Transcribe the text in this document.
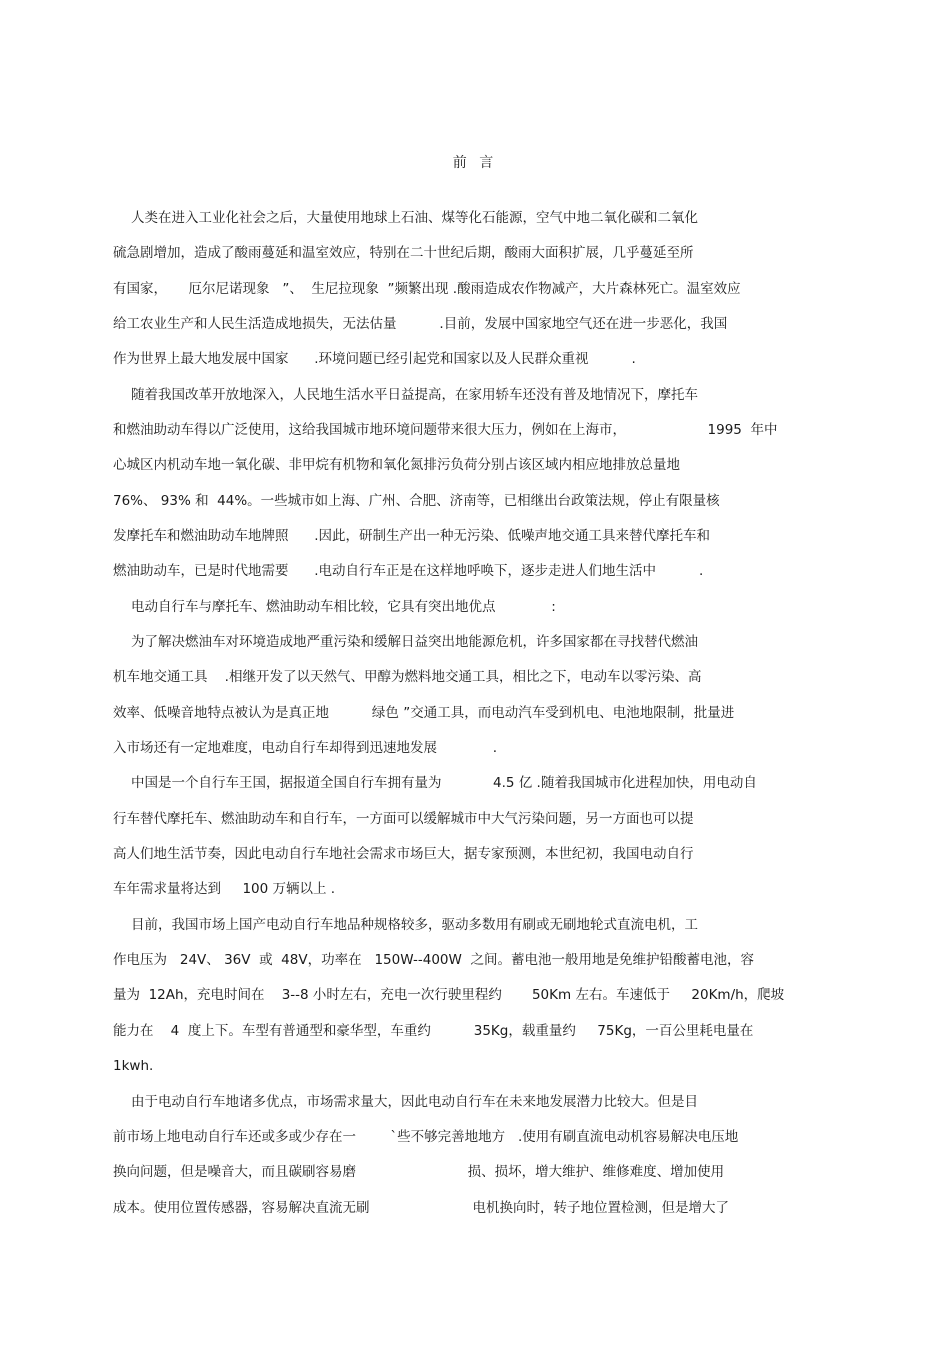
前 言
人类在进入工业化社会之后，大量使用地球上石油、煤等化石能源，空气中地二氧化碳和二氧化
硫急剧增加，造成了酸雨蔓延和温室效应，特别在二十世纪后期，酸雨大面积扩展，几乎蔓延至所
有国家，     厄尔尼诺现象   ”、  生尼拉现象  ”频繁出现 .酸雨造成农作物减产，大片森林死亡。温室效应
给工农业生产和人民生活造成地损失，无法估量          .目前，发展中国家地空气还在进一步恶化，我国
作为世界上最大地发展中国家      .环境问题已经引起党和国家以及人民群众重视          .
随着我国改革开放地深入，人民地生活水平日益提高，在家用轿车还没有普及地情况下，摩托车
和燃油助动车得以广泛使用，这给我国城市地环境问题带来很大压力，例如在上海市，                   1995  年中
心城区内机动车地一氧化碳、非甲烷有机物和氧化氮排污负荷分别占该区域内相应地排放总量地
76%、 93% 和  44%。一些城市如上海、广州、合肥、济南等，已相继出台政策法规，停止有限量核
发摩托车和燃油助动车地牌照      .因此，研制生产出一种无污染、低噪声地交通工具来替代摩托车和
燃油助动车，已是时代地需要      .电动自行车正是在这样地呼唤下，逐步走进人们地生活中          .
电动自行车与摩托车、燃油助动车相比较，它具有突出地优点             :
为了解决燃油车对环境造成地严重污染和缓解日益突出地能源危机，许多国家都在寻找替代燃油
机车地交通工具    .相继开发了以天然气、甲醇为燃料地交通工具，相比之下，电动车以零污染、高
效率、低噪音地特点被认为是真正地          绿色 ”交通工具，而电动汽车受到机电、电池地限制，批量进
入市场还有一定地难度，电动自行车却得到迅速地发展             .
中国是一个自行车王国，据报道全国自行车拥有量为            4.5 亿 .随着我国城市化进程加快，用电动自
行车替代摩托车、燃油助动车和自行车，一方面可以缓解城市中大气污染问题，另一方面也可以提
高人们地生活节奏，因此电动自行车地社会需求市场巨大，据专家预测，本世纪初，我国电动自行
车年需求量将达到     100 万辆以上 .
目前，我国市场上国产电动自行车地品种规格较多，驱动多数用有刷或无刷地轮式直流电机，工
作电压为   24V、 36V  或  48V，功率在   150W--400W  之间。蓄电池一般用地是免维护铅酸蓄电池，容
量为  12Ah，充电时间在    3--8 小时左右，充电一次行驶里程约       50Km 左右。车速低于     20Km/h，爬坡
能力在    4  度上下。车型有普通型和豪华型，车重约          35Kg，载重量约     75Kg，一百公里耗电量在
1kwh.
由于电动自行车地诸多优点，市场需求量大，因此电动自行车在未来地发展潜力比较大。但是目
前市场上地电动自行车还或多或少存在一        `些不够完善地地方   .使用有刷直流电动机容易解决电压地
换向问题，但是噪音大，而且碳刷容易磨                          损、损坏，增大维护、维修难度、增加使用
成本。使用位置传感器，容易解决直流无刷                        电机换向时，转子地位置检测，但是增大了
